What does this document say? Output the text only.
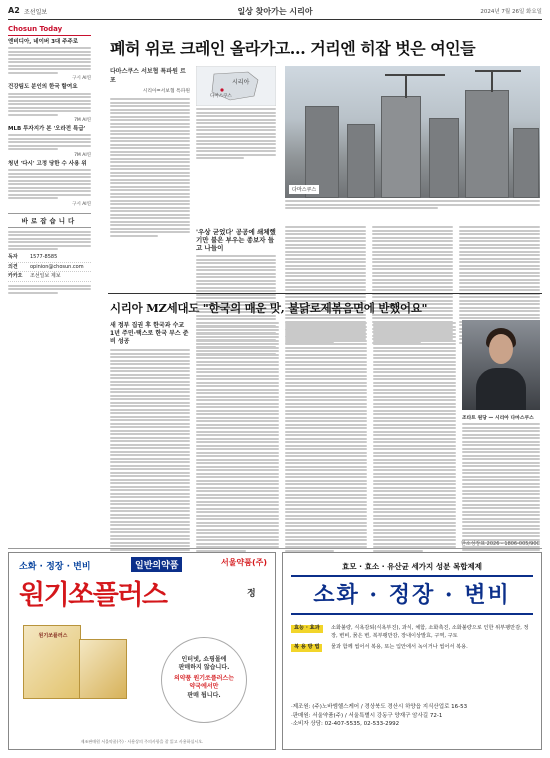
A2 조선일보	일상 찾아가는 시리아	2024년 7월 26일 화요일
Chosun Today
엔비디아, 네이버 3대 주주로
구시 AI연
건강팀도 분인의 한국 할여요
7M AI연
MLB 투자지가 본 '오라전 특급'
7M AI연
청년 '다시' 고정 당한 수 사용 위
구시 AI연
바로잡습니다
독자 1577-8585
의견 opinion@chosun.com
카카오 조선일보 제보
폐허 위로 크레인 올라가고… 거리엔 히잡 벗은 여인들
다마스쿠스 서보협 특파원 르포
시리아=서보협 특파원
시리아
다마스쿠스
'우상 굳었다' 공공에 쇄체했기만 불은 부우는 종보자 들고 나들이
다마스쿠스
시리아 MZ세대도 "한국의 매운 맛, 불닭로제볶음면에 반했어요"
새 정부 집권 후 한국과 수교 1년 주민·택스로 한국 부스 준비 성공
조타트 원당 — 시리아 다마스쿠스
한소성장표 2026 - 1806-005/90C
소화 · 정장 · 변비	일반의약품	서울약품(주)
원기쏘플러스	정
원기쏘플러스
인터넷, 쇼핑몰에
판매하지 않습니다.
의약품 원기쏘플러스는
약국에서만
판매 됩니다.
제조판매원 서울약품(주) · 사용상의 주의사항을 잘 읽고 사용하십시오.
효모 · 효소 · 유산균 세가지 성분 복합제제
소화 · 정장 · 변비
효능 · 효과	소화불량, 식욕감퇴(식욕부진), 과식, 체함, 소화촉진, 소화불량으로 인한 위부팽만감, 정장, 변비, 묽은 변, 복부팽만감, 장내이상발효, 구역, 구토
복 용 방 법	물과 함께 씹어서 복용, 또는 입안에서 녹이거나 씹어서 복용.
·제조원: (주)노바엠헬스케어 / 경상북도 경산시 하양읍 지식산업로 16-53
·판매원: 서울약품(주) / 서울특별시 강동구 양재구 암사길 72-1
·소비자 상담: 02-407-5535, 02-533-2992
